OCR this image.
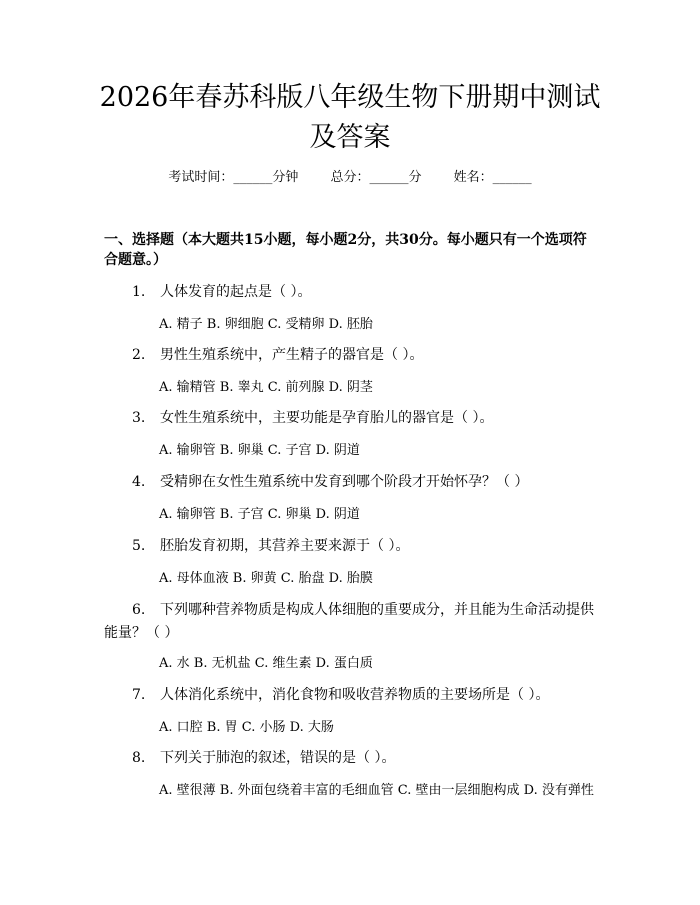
2026年春苏科版八年级生物下册期中测试及答案
考试时间：______分钟 总分：______分 姓名：______

一、选择题（本大题共15小题，每小题2分，共30分。每小题只有一个选项符合题意。）

1. 人体发育的起点是（ ）。

A. 精子 B. 卵细胞 C. 受精卵 D. 胚胎

2. 男性生殖系统中，产生精子的器官是（ ）。

A. 输精管 B. 睾丸 C. 前列腺 D. 阴茎

3. 女性生殖系统中，主要功能是孕育胎儿的器官是（ ）。

A. 输卵管 B. 卵巢 C. 子宫 D. 阴道

4. 受精卵在女性生殖系统中发育到哪个阶段才开始怀孕？（ ）

A. 输卵管 B. 子宫 C. 卵巢 D. 阴道

5. 胚胎发育初期，其营养主要来源于（ ）。

A. 母体血液 B. 卵黄 C. 胎盘 D. 胎膜

6. 下列哪种营养物质是构成人体细胞的重要成分，并且能为生命活动提供能量？（ ）

A. 水 B. 无机盐 C. 维生素 D. 蛋白质

7. 人体消化系统中，消化食物和吸收营养物质的主要场所是（ ）。

A. 口腔 B. 胃 C. 小肠 D. 大肠

8. 下列关于肺泡的叙述，错误的是（ ）。

A. 壁很薄 B. 外面包绕着丰富的毛细血管 C. 壁由一层细胞构成 D. 没有弹性
